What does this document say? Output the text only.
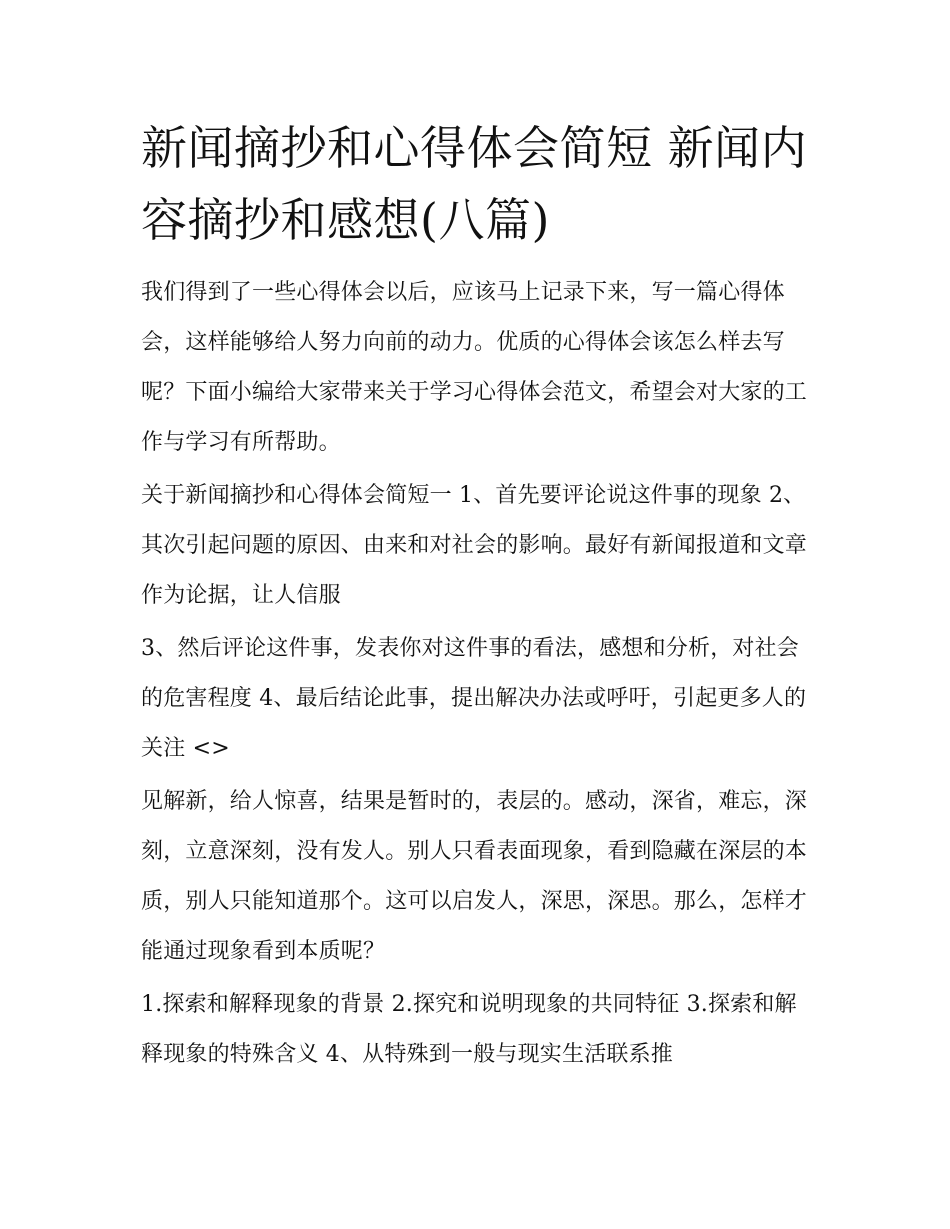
新闻摘抄和心得体会简短 新闻内容摘抄和感想(八篇)

我们得到了一些心得体会以后，应该马上记录下来，写一篇心得体会，这样能够给人努力向前的动力。优质的心得体会该怎么样去写呢？下面小编给大家带来关于学习心得体会范文，希望会对大家的工作与学习有所帮助。

关于新闻摘抄和心得体会简短一 1、首先要评论说这件事的现象 2、其次引起问题的原因、由来和对社会的影响。最好有新闻报道和文章作为论据，让人信服

3、然后评论这件事，发表你对这件事的看法，感想和分析，对社会的危害程度 4、最后结论此事，提出解决办法或呼吁，引起更多人的关注 <>

见解新，给人惊喜，结果是暂时的，表层的。感动，深省，难忘，深刻，立意深刻，没有发人。别人只看表面现象，看到隐藏在深层的本质，别人只能知道那个。这可以启发人，深思，深思。那么，怎样才能通过现象看到本质呢？

1.探索和解释现象的背景 2.探究和说明现象的共同特征 3.探索和解释现象的特殊含义 4、从特殊到一般与现实生活联系推
